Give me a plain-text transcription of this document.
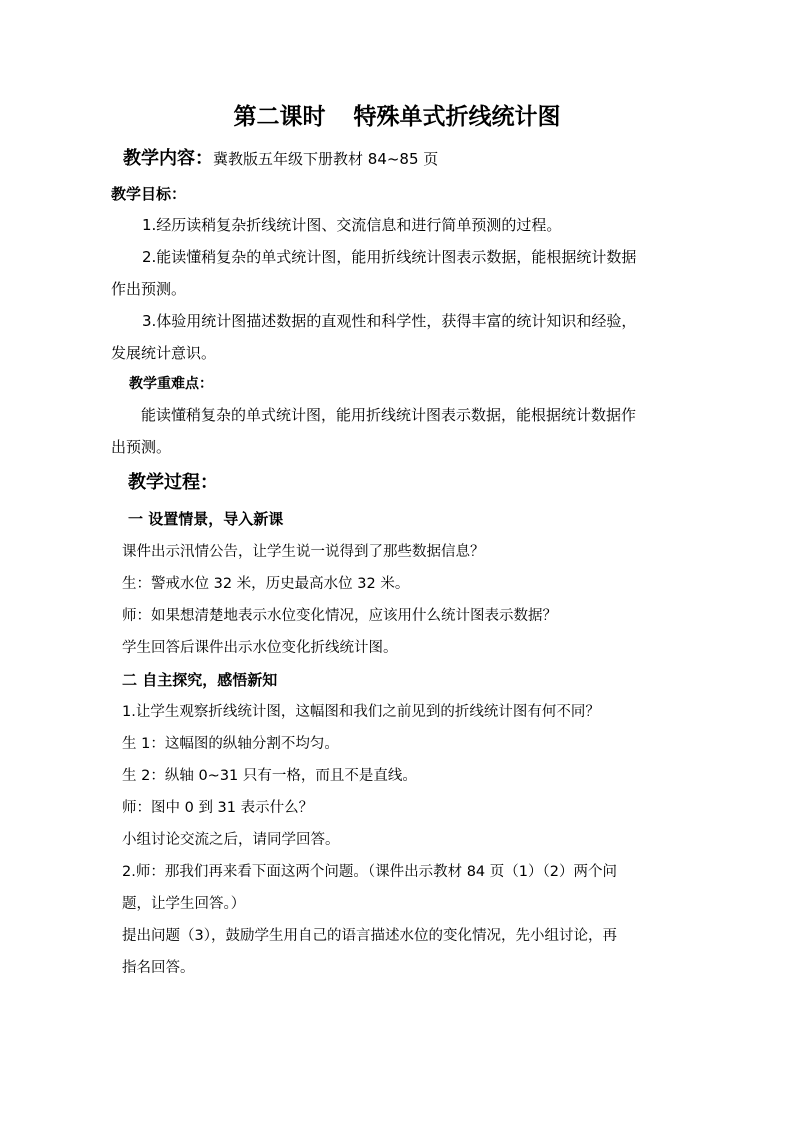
第二课时 特殊单式折线统计图
教学内容：冀教版五年级下册教材 84~85 页
教学目标：
1.经历读稍复杂折线统计图、交流信息和进行简单预测的过程。
2.能读懂稍复杂的单式统计图，能用折线统计图表示数据，能根据统计数据
作出预测。
3.体验用统计图描述数据的直观性和科学性，获得丰富的统计知识和经验，
发展统计意识。
教学重难点：
能读懂稍复杂的单式统计图，能用折线统计图表示数据，能根据统计数据作
出预测。
教学过程：
一 设置情景，导入新课
课件出示汛情公告，让学生说一说得到了那些数据信息？
生：警戒水位 32 米，历史最高水位 32 米。
师：如果想清楚地表示水位变化情况，应该用什么统计图表示数据？
学生回答后课件出示水位变化折线统计图。
二 自主探究，感悟新知
1.让学生观察折线统计图，这幅图和我们之前见到的折线统计图有何不同？
生 1：这幅图的纵轴分割不均匀。
生 2：纵轴 0~31 只有一格，而且不是直线。
师：图中 0 到 31 表示什么？
小组讨论交流之后，请同学回答。
2.师：那我们再来看下面这两个问题。（课件出示教材 84 页（1）（2）两个问
题，让学生回答。）
提出问题（3），鼓励学生用自己的语言描述水位的变化情况，先小组讨论，再
指名回答。
